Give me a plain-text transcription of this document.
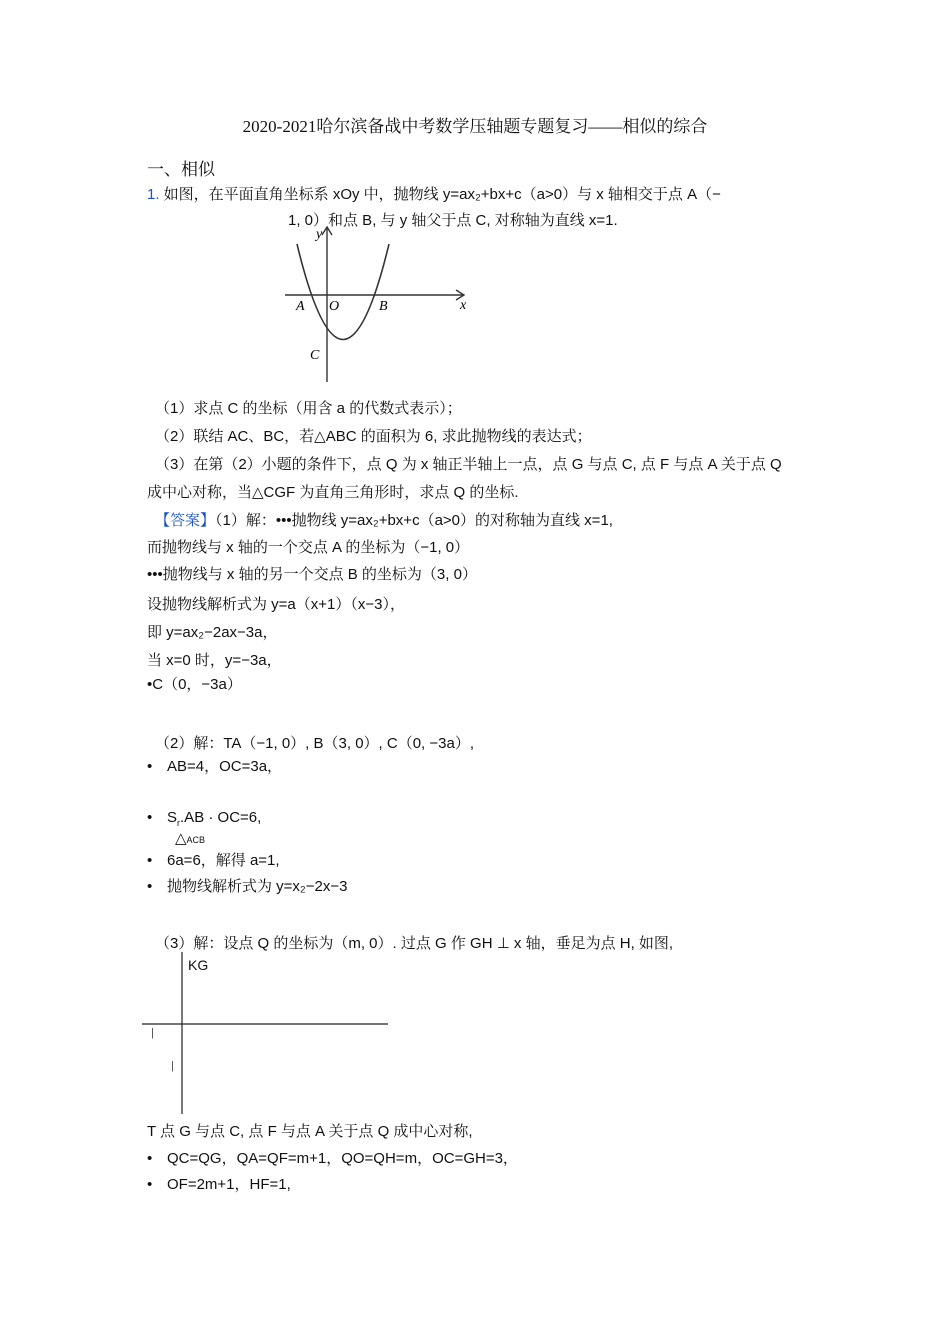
2020-2021哈尔滨备战中考数学压轴题专题复习——相似的综合
一、相似
1. 如图，在平面直角坐标系 xOy 中，抛物线 y=ax₂+bx+c（a>0）与 x 轴相交于点 A（−
1, 0）和点 B, 与 y 轴父于点 C, 对称轴为直线 x=1.
y
x
A O	B
C
（1）求点 C 的坐标（用含 a 的代数式表示）；
（2）联结 AC、BC，若△ABC 的面积为 6, 求此抛物线的表达式；
（3）在第（2）小题的条件下，点 Q 为 x 轴正半轴上一点，点 G 与点 C, 点 F 与点 A 关于点 Q
成中心对称，当△CGF 为直角三角形时，求点 Q 的坐标.
【答案】（1）解：•••抛物线 y=ax₂+bx+c（a>0）的对称轴为直线 x=1,
而抛物线与 x 轴的一个交点 A 的坐标为（−1, 0）
•••抛物线与 x 轴的另一个交点 B 的坐标为（3, 0）
设抛物线解析式为 y=a（x+1）（x−3），
即 y=ax₂−2ax−3a，
当 x=0 时，y=−3a，
•C（0，−3a）
（2）解：TA（−1, 0）, B（3, 0）, C（0, −3a）,
• AB=4，OC=3a，
• $S_r.AB \cdot OC=6$,
△ACB
• 6a=6，解得 a=1,
• 抛物线解析式为 y=x₂−2x−3
（3）解：设点 Q 的坐标为（m, 0）. 过点 G 作 GH ⊥ x 轴，垂足为点 H, 如图,
KG
|
|
T 点 G 与点 C, 点 F 与点 A 关于点 Q 成中心对称,
• QC=QG，QA=QF=m+1，QO=QH=m，OC=GH=3，
• OF=2m+1，HF=1,
